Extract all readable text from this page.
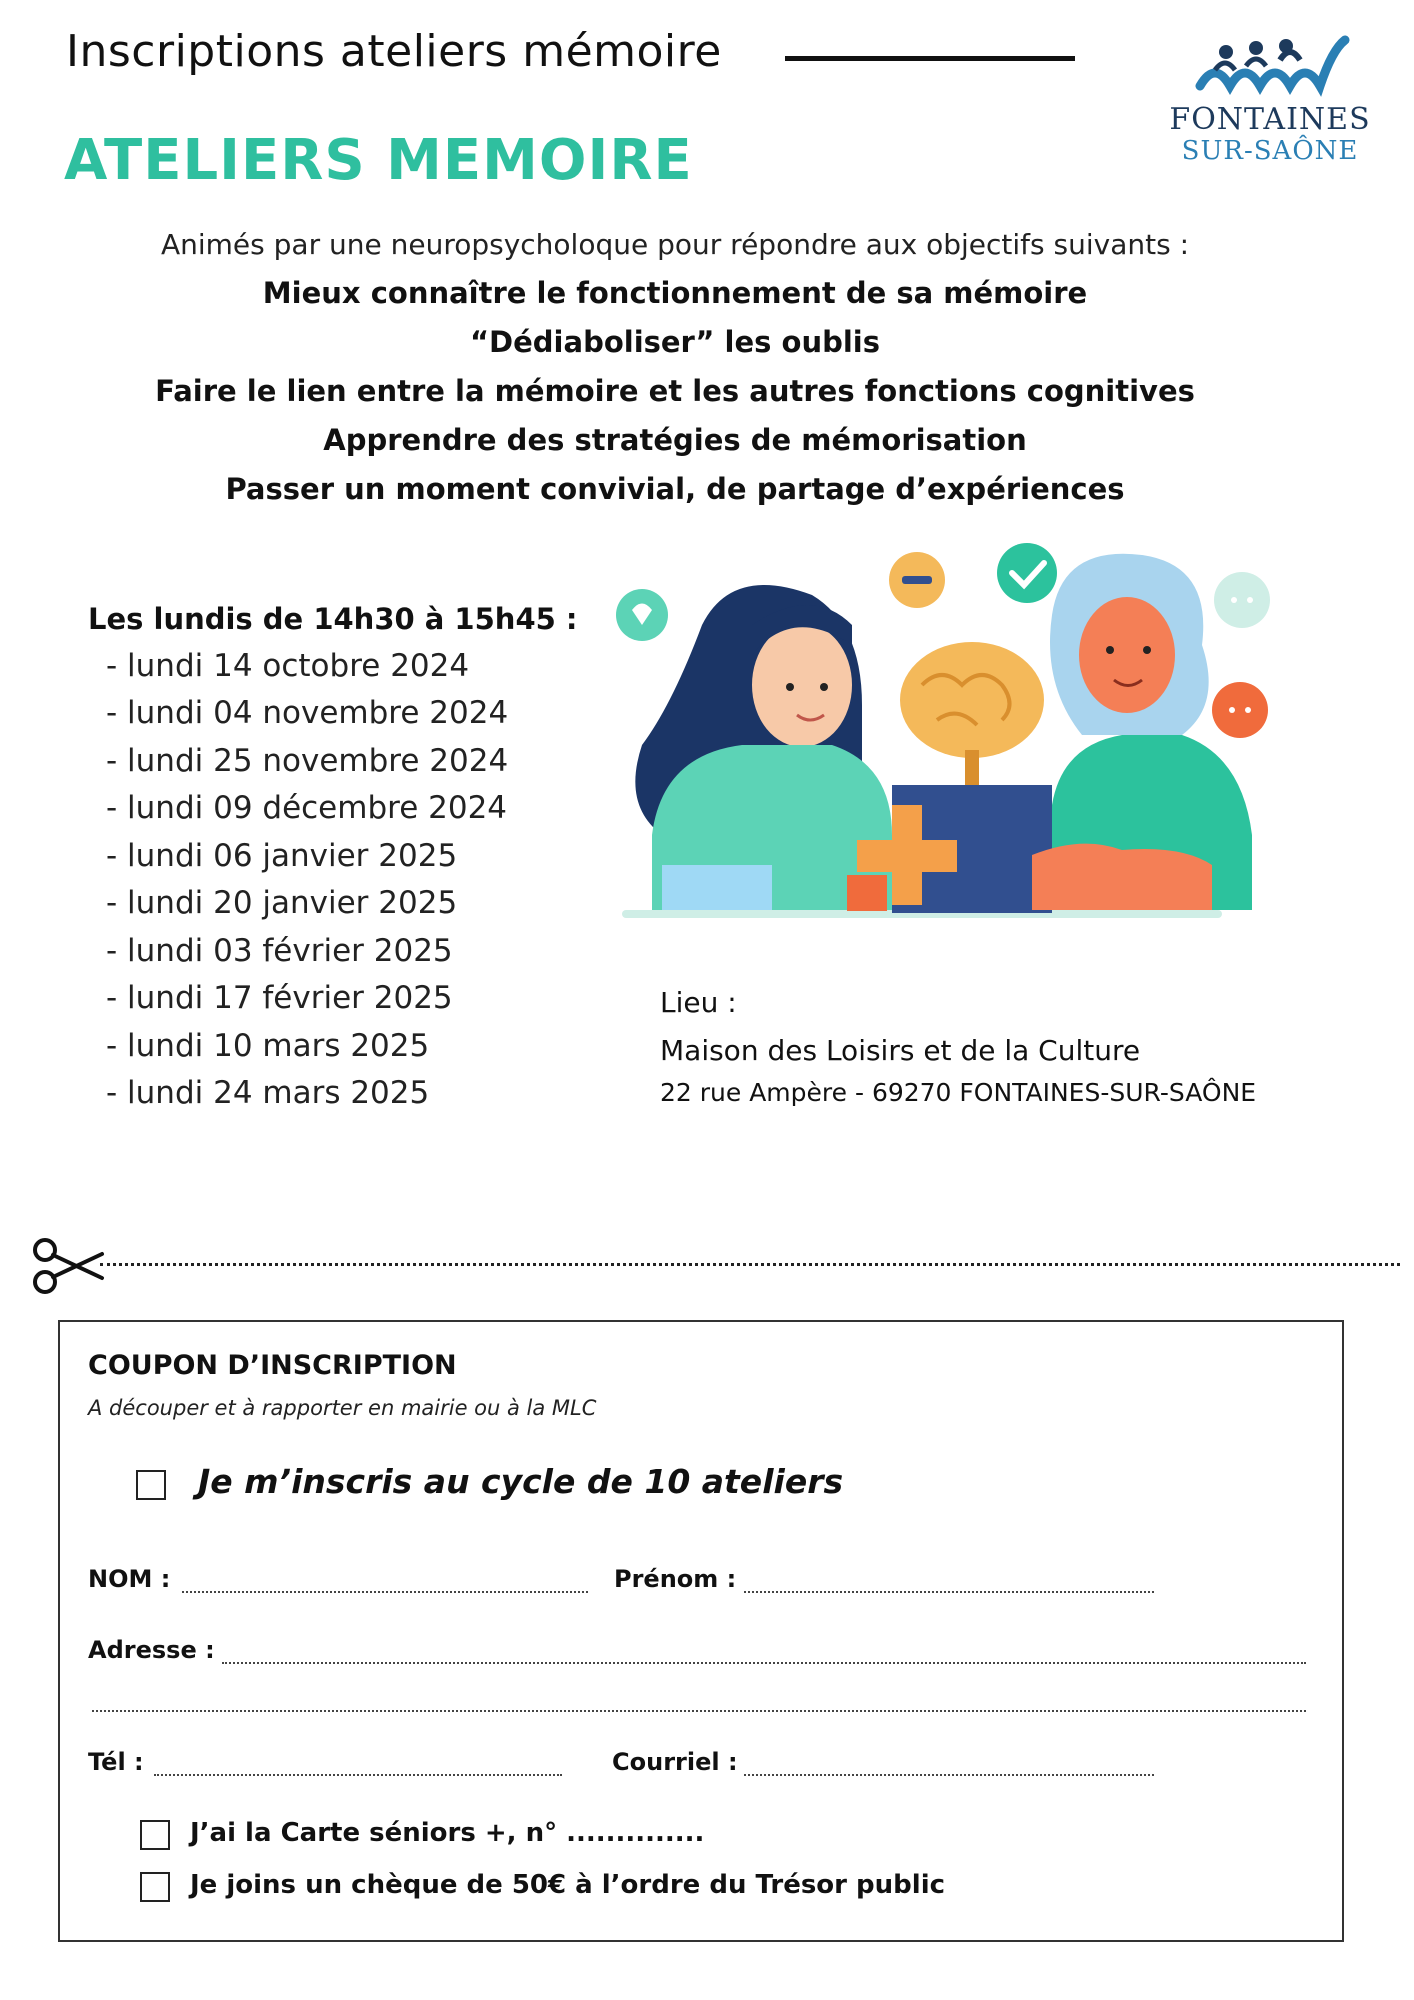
Inscriptions ateliers mémoire
FONTAINES
SUR-SAÔNE
ATELIERS MEMOIRE
Animés par une neuropsycholoque pour répondre aux objectifs suivants :
Mieux connaître le fonctionnement de sa mémoire
“Dédiaboliser” les oublis
Faire le lien entre la mémoire et les autres fonctions cognitives
Apprendre des stratégies de mémorisation
Passer un moment convivial, de partage d’expériences
Les lundis de 14h30 à 15h45 :
- lundi 14 octobre 2024
- lundi 04 novembre 2024
- lundi 25 novembre 2024
- lundi 09 décembre 2024
- lundi 06 janvier 2025
- lundi 20 janvier 2025
- lundi 03 février 2025
- lundi 17 février 2025
- lundi 10 mars 2025
- lundi 24 mars 2025
Lieu :
Maison des Loisirs et de la Culture
22 rue Ampère - 69270 FONTAINES-SUR-SAÔNE
COUPON D’INSCRIPTION
A découper et à rapporter en mairie ou à la MLC
Je m’inscris au cycle de 10 ateliers
NOM :	Prénom :
Adresse :
Tél :	Courriel :
J’ai la Carte séniors +, n° ..............
Je joins un chèque de 50€ à l’ordre du Trésor public
